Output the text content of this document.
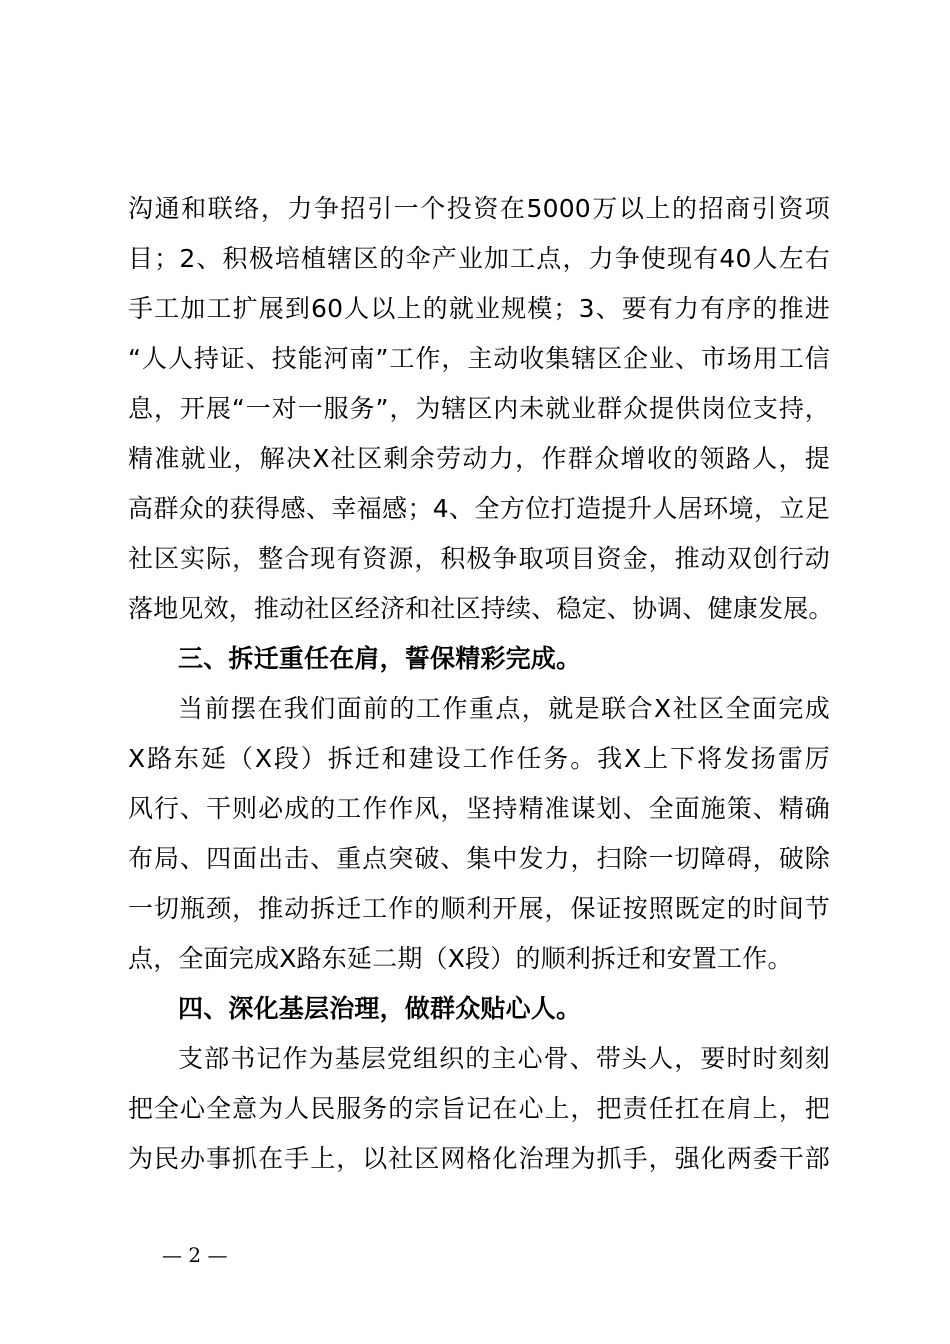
沟通和联络，力争招引一个投资在5000万以上的招商引资项
目；2、积极培植辖区的伞产业加工点，力争使现有40人左右
手工加工扩展到60人以上的就业规模；3、要有力有序的推进
“人人持证、技能河南”工作，主动收集辖区企业、市场用工信
息，开展“一对一服务”，为辖区内未就业群众提供岗位支持，
精准就业，解决X社区剩余劳动力，作群众增收的领路人，提
高群众的获得感、幸福感；4、全方位打造提升人居环境，立足
社区实际，整合现有资源，积极争取项目资金，推动双创行动
落地见效，推动社区经济和社区持续、稳定、协调、健康发展。
三、拆迁重任在肩，誓保精彩完成。
当前摆在我们面前的工作重点，就是联合X社区全面完成
X路东延（X段）拆迁和建设工作任务。我X上下将发扬雷厉
风行、干则必成的工作作风，坚持精准谋划、全面施策、精确
布局、四面出击、重点突破、集中发力，扫除一切障碍，破除
一切瓶颈，推动拆迁工作的顺利开展，保证按照既定的时间节
点，全面完成X路东延二期（X段）的顺利拆迁和安置工作。
四、深化基层治理，做群众贴心人。
支部书记作为基层党组织的主心骨、带头人，要时时刻刻
把全心全意为人民服务的宗旨记在心上，把责任扛在肩上，把
为民办事抓在手上，以社区网格化治理为抓手，强化两委干部
— 2 —
